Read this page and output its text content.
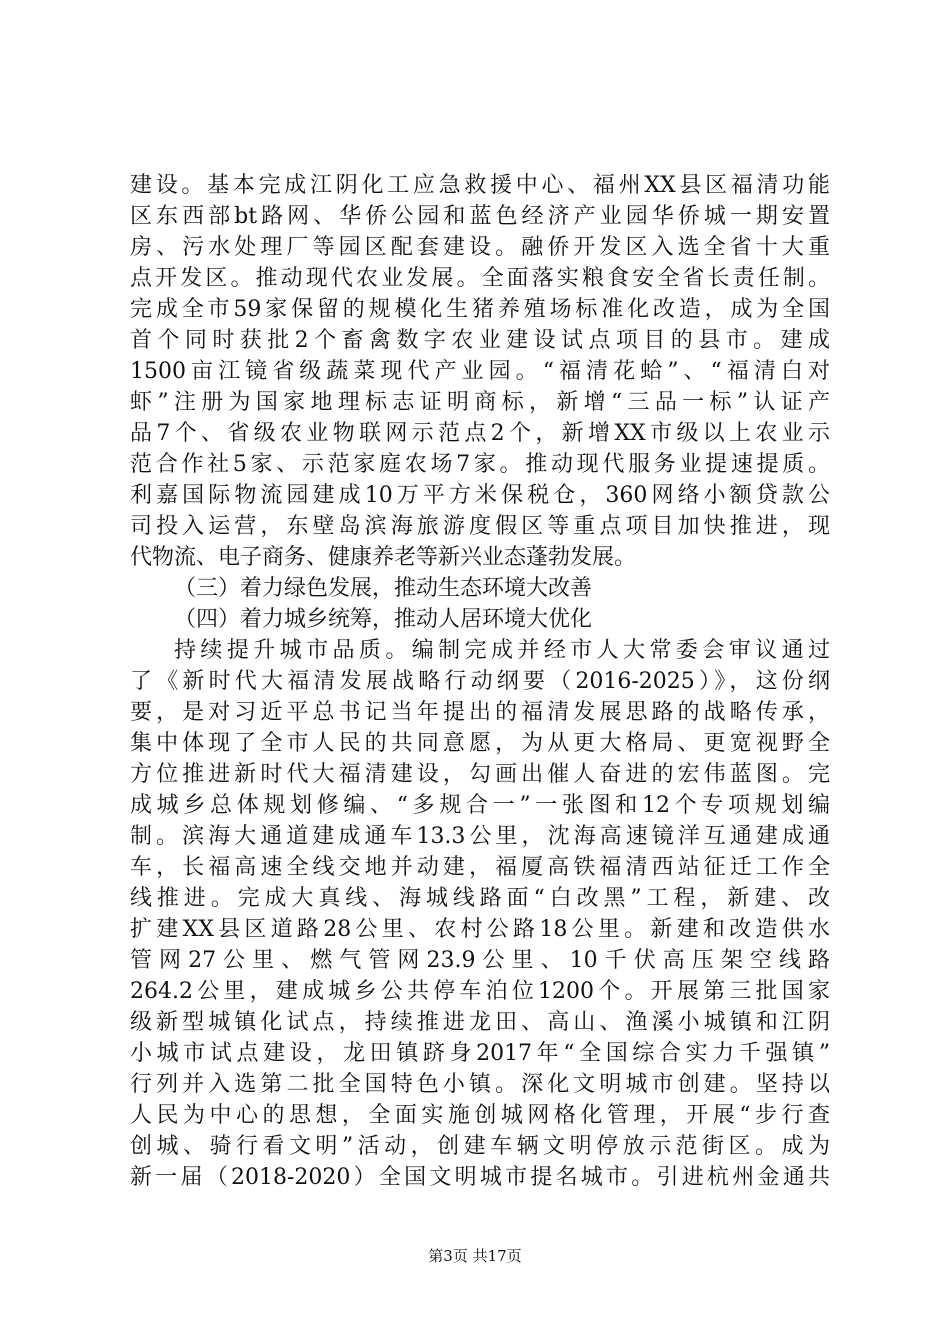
建设。基本完成江阴化工应急救援中心、福州XX县区福清功能
区东西部bt路网、华侨公园和蓝色经济产业园华侨城一期安置
房、污水处理厂等园区配套建设。融侨开发区入选全省十大重
点开发区。推动现代农业发展。全面落实粮食安全省长责任制。
完成全市59家保留的规模化生猪养殖场标准化改造，成为全国
首个同时获批2个畜禽数字农业建设试点项目的县市。建成
1500亩江镜省级蔬菜现代产业园。“福清花蛤”、“福清白对
虾”注册为国家地理标志证明商标，新增“三品一标”认证产
品7个、省级农业物联网示范点2个，新增XX市级以上农业示
范合作社5家、示范家庭农场7家。推动现代服务业提速提质。
利嘉国际物流园建成10万平方米保税仓，360网络小额贷款公
司投入运营，东壁岛滨海旅游度假区等重点项目加快推进，现
代物流、电子商务、健康养老等新兴业态蓬勃发展。
（三）着力绿色发展，推动生态环境大改善
（四）着力城乡统筹，推动人居环境大优化
持续提升城市品质。编制完成并经市人大常委会审议通过
了《新时代大福清发展战略行动纲要（2016-2025）》，这份纲
要，是对习近平总书记当年提出的福清发展思路的战略传承，
集中体现了全市人民的共同意愿，为从更大格局、更宽视野全
方位推进新时代大福清建设，勾画出催人奋进的宏伟蓝图。完
成城乡总体规划修编、“多规合一”一张图和12个专项规划编
制。滨海大通道建成通车13.3公里，沈海高速镜洋互通建成通
车，长福高速全线交地并动建，福厦高铁福清西站征迁工作全
线推进。完成大真线、海城线路面“白改黑”工程，新建、改
扩建XX县区道路28公里、农村公路18公里。新建和改造供水
管网27公里、燃气管网23.9公里、10千伏高压架空线路
264.2公里，建成城乡公共停车泊位1200个。开展第三批国家
级新型城镇化试点，持续推进龙田、高山、渔溪小城镇和江阴
小城市试点建设，龙田镇跻身2017年“全国综合实力千强镇”
行列并入选第二批全国特色小镇。深化文明城市创建。坚持以
人民为中心的思想，全面实施创城网格化管理，开展“步行查
创城、骑行看文明”活动，创建车辆文明停放示范街区。成为
新一届（2018-2020）全国文明城市提名城市。引进杭州金通共
第3页 共17页
